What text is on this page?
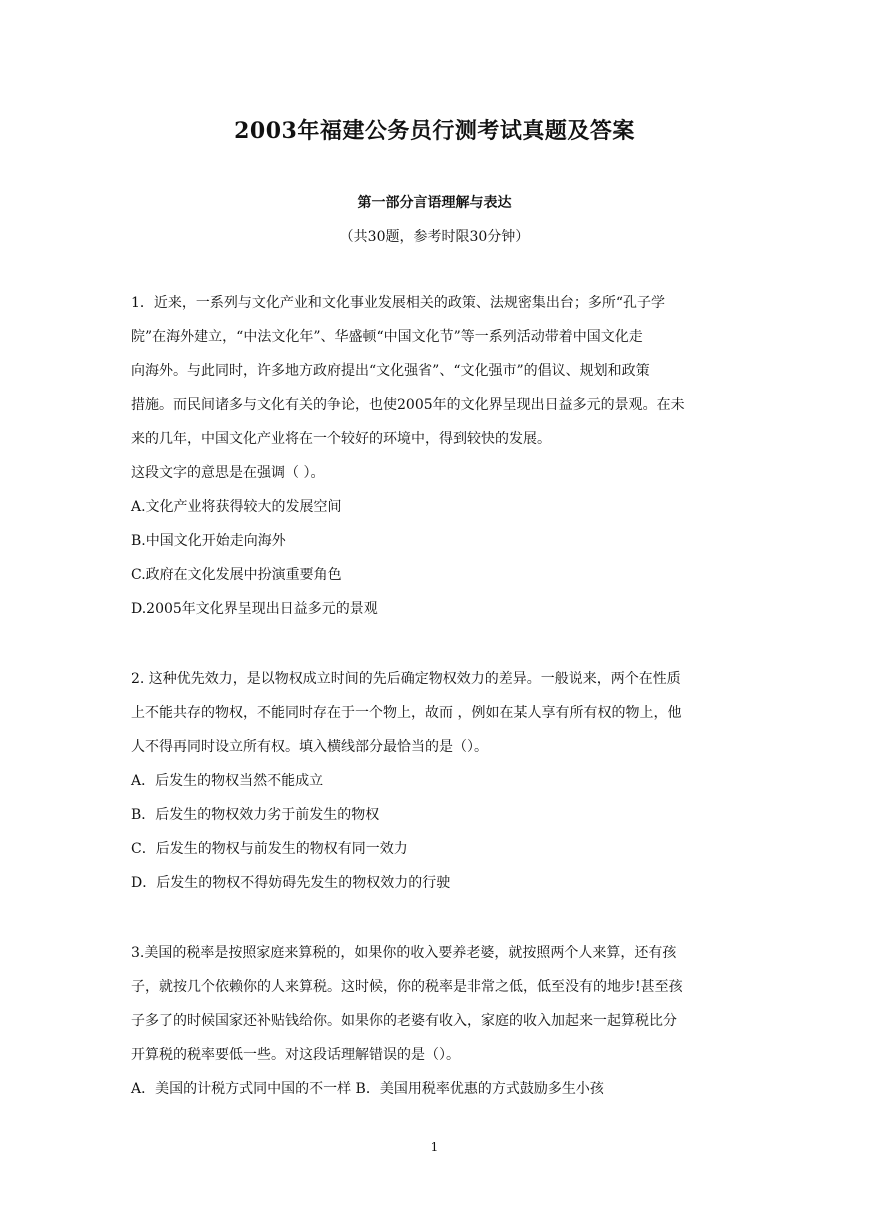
2003年福建公务员行测考试真题及答案
第一部分言语理解与表达
（共30题，参考时限30分钟）
1．近来，一系列与文化产业和文化事业发展相关的政策、法规密集出台；多所“孔子学
院”在海外建立，“中法文化年”、华盛顿“中国文化节”等一系列活动带着中国文化走
向海外。与此同时，许多地方政府提出“文化强省”、“文化强市”的倡议、规划和政策
措施。而民间诸多与文化有关的争论，也使2005年的文化界呈现出日益多元的景观。在未
来的几年，中国文化产业将在一个较好的环境中，得到较快的发展。
这段文字的意思是在强调（ ）。
A.文化产业将获得较大的发展空间
B.中国文化开始走向海外
C.政府在文化发展中扮演重要角色
D.2005年文化界呈现出日益多元的景观
2. 这种优先效力，是以物权成立时间的先后确定物权效力的差异。一般说来，两个在性质
上不能共存的物权，不能同时存在于一个物上，故而 ，例如在某人享有所有权的物上，他
人不得再同时设立所有权。填入横线部分最恰当的是（）。
A．后发生的物权当然不能成立
B．后发生的物权效力劣于前发生的物权
C．后发生的物权与前发生的物权有同一效力
D．后发生的物权不得妨碍先发生的物权效力的行驶
3.美国的税率是按照家庭来算税的，如果你的收入要养老婆，就按照两个人来算，还有孩
子，就按几个依赖你的人来算税。这时候，你的税率是非常之低，低至没有的地步!甚至孩
子多了的时候国家还补贴钱给你。如果你的老婆有收入，家庭的收入加起来一起算税比分
开算税的税率要低一些。对这段话理解错误的是（）。
A．美国的计税方式同中国的不一样 B．美国用税率优惠的方式鼓励多生小孩
1
